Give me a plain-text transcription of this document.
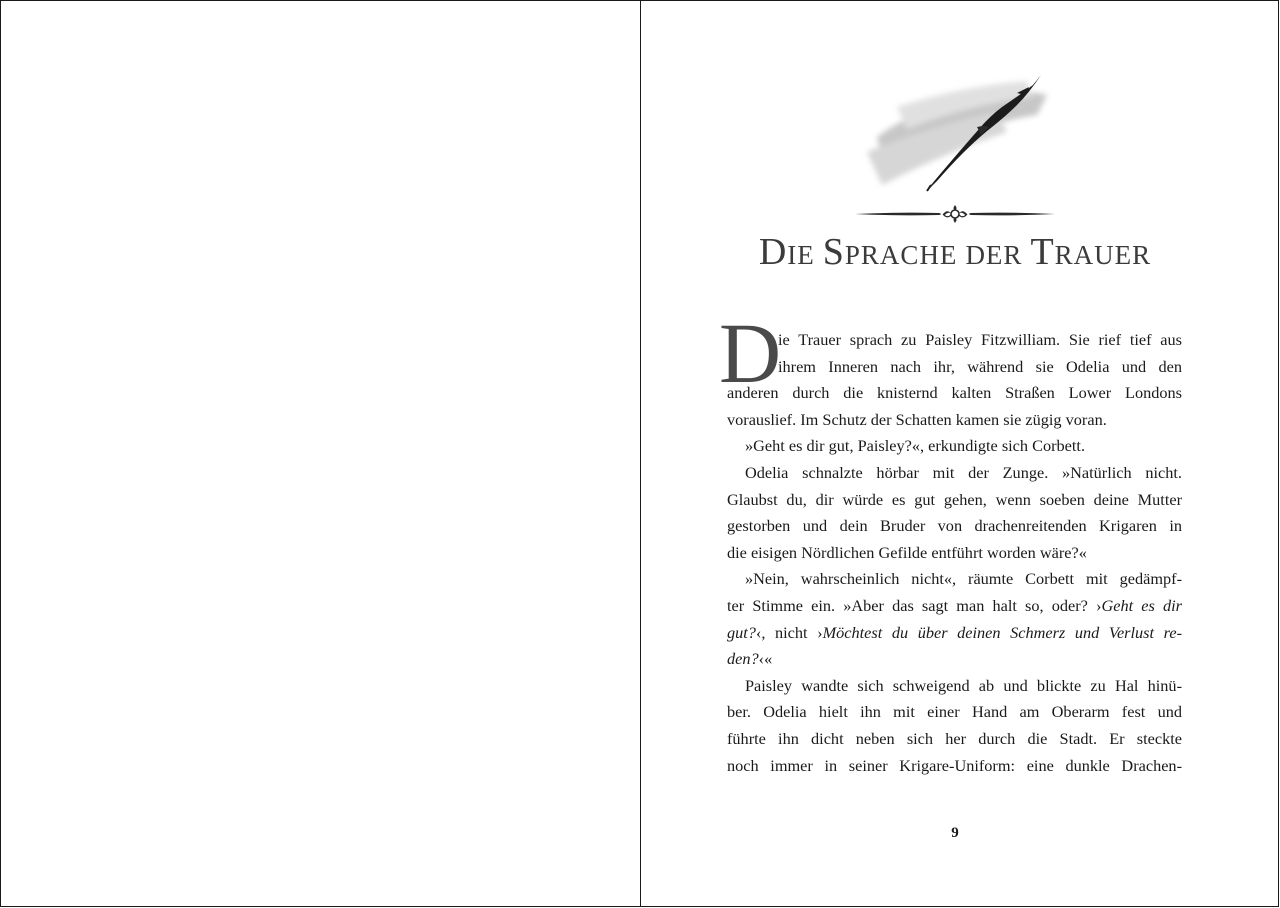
DIE SPRACHE DER TRAUER
D
ie Trauer sprach zu Paisley Fitzwilliam. Sie rief tief aus
ihrem Inneren nach ihr, während sie Odelia und den
anderen durch die knisternd kalten Straßen Lower Londons
vorauslief. Im Schutz der Schatten kamen sie zügig voran.
»Geht es dir gut, Paisley?«, erkundigte sich Corbett.
Odelia schnalzte hörbar mit der Zunge. »Natürlich nicht.
Glaubst du, dir würde es gut gehen, wenn soeben deine Mutter
gestorben und dein Bruder von drachenreitenden Krigaren in
die eisigen Nördlichen Gefilde entführt worden wäre?«
»Nein, wahrscheinlich nicht«, räumte Corbett mit gedämpf-
ter Stimme ein. »Aber das sagt man halt so, oder? ›Geht es dir
gut?‹, nicht ›Möchtest du über deinen Schmerz und Verlust re-
den?‹«
Paisley wandte sich schweigend ab und blickte zu Hal hinü-
ber. Odelia hielt ihn mit einer Hand am Oberarm fest und
führte ihn dicht neben sich her durch die Stadt. Er steckte
noch immer in seiner Krigare-Uniform: eine dunkle Drachen-
9
